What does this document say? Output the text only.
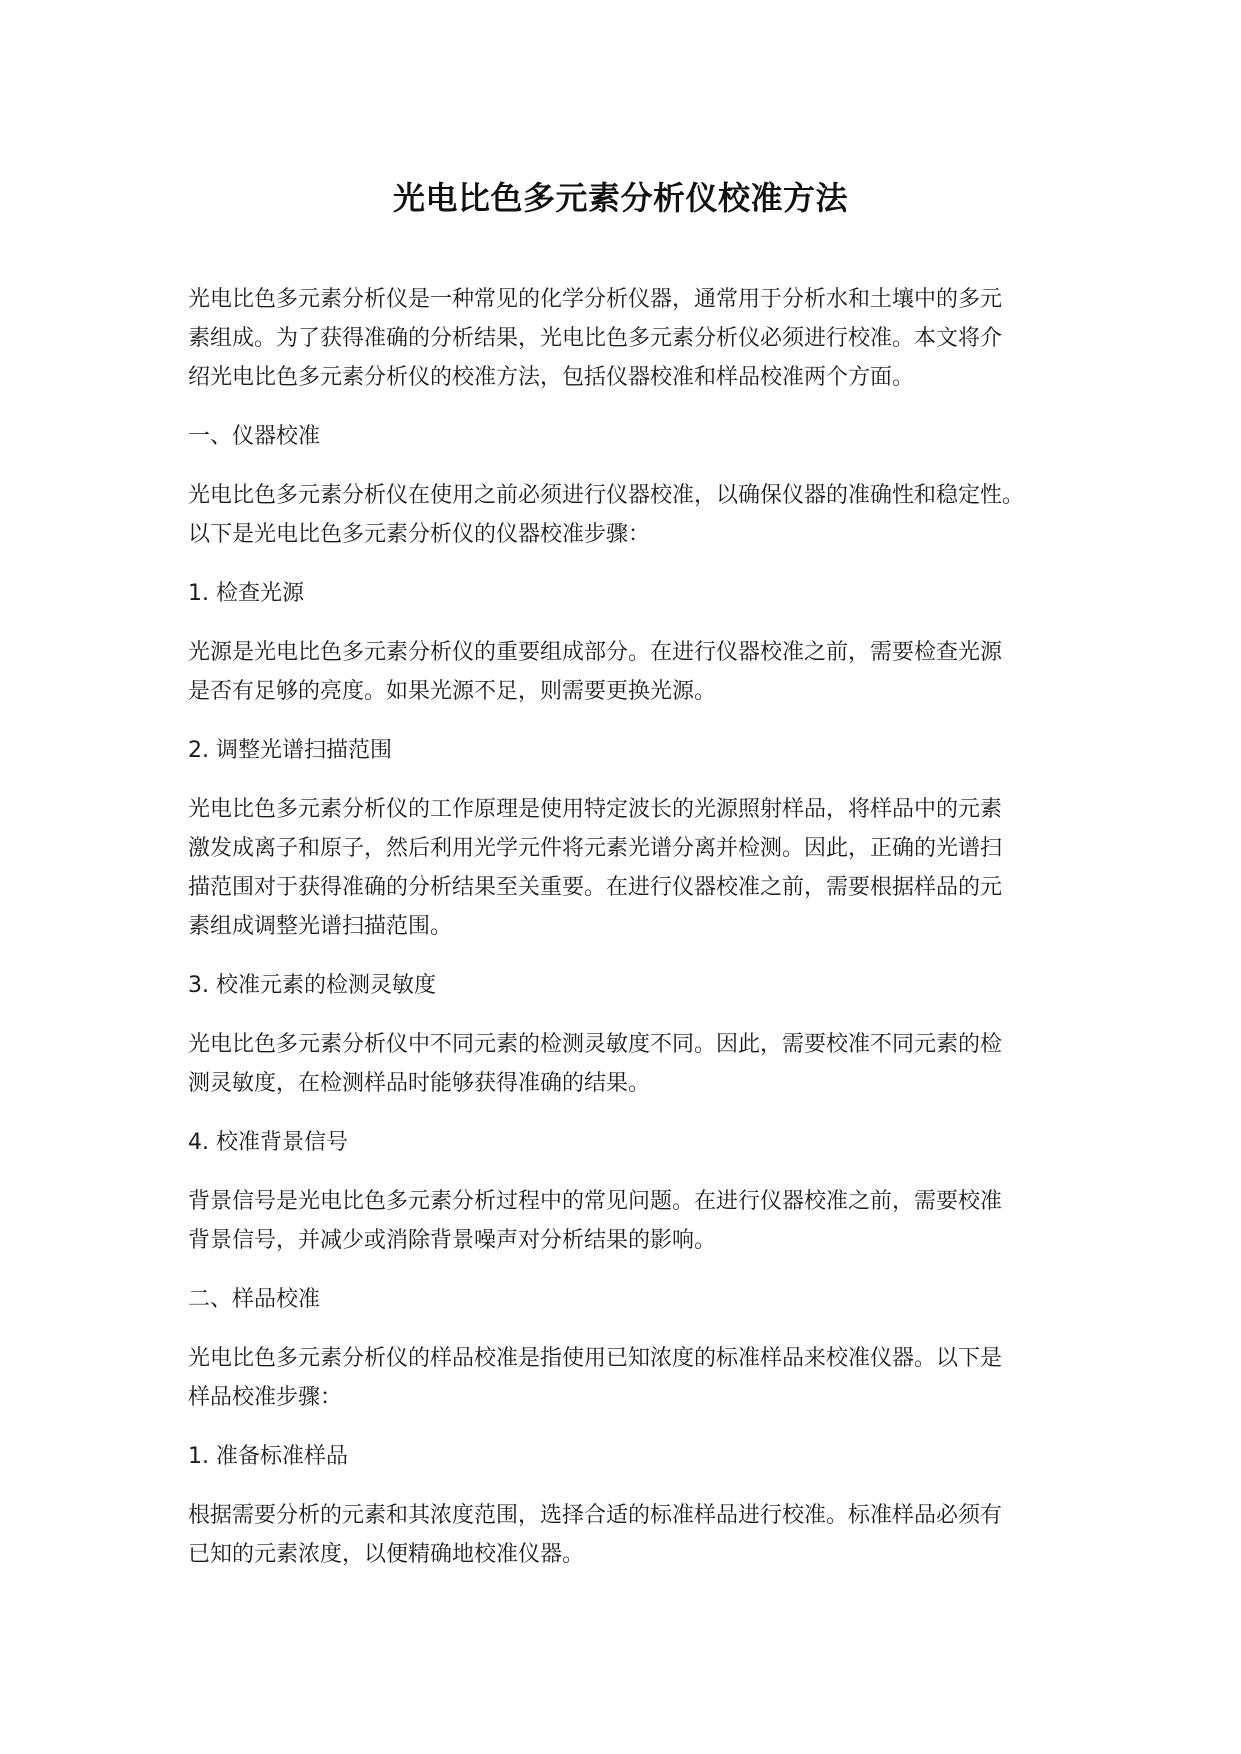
光电比色多元素分析仪校准方法
光电比色多元素分析仪是一种常见的化学分析仪器，通常用于分析水和土壤中的多元
素组成。为了获得准确的分析结果，光电比色多元素分析仪必须进行校准。本文将介
绍光电比色多元素分析仪的校准方法，包括仪器校准和样品校准两个方面。
一、仪器校准
光电比色多元素分析仪在使用之前必须进行仪器校准，以确保仪器的准确性和稳定性。
以下是光电比色多元素分析仪的仪器校准步骤：
1. 检查光源
光源是光电比色多元素分析仪的重要组成部分。在进行仪器校准之前，需要检查光源
是否有足够的亮度。如果光源不足，则需要更换光源。
2. 调整光谱扫描范围
光电比色多元素分析仪的工作原理是使用特定波长的光源照射样品，将样品中的元素
激发成离子和原子，然后利用光学元件将元素光谱分离并检测。因此，正确的光谱扫
描范围对于获得准确的分析结果至关重要。在进行仪器校准之前，需要根据样品的元
素组成调整光谱扫描范围。
3. 校准元素的检测灵敏度
光电比色多元素分析仪中不同元素的检测灵敏度不同。因此，需要校准不同元素的检
测灵敏度，在检测样品时能够获得准确的结果。
4. 校准背景信号
背景信号是光电比色多元素分析过程中的常见问题。在进行仪器校准之前，需要校准
背景信号，并减少或消除背景噪声对分析结果的影响。
二、样品校准
光电比色多元素分析仪的样品校准是指使用已知浓度的标准样品来校准仪器。以下是
样品校准步骤：
1. 准备标准样品
根据需要分析的元素和其浓度范围，选择合适的标准样品进行校准。标准样品必须有
已知的元素浓度，以便精确地校准仪器。
